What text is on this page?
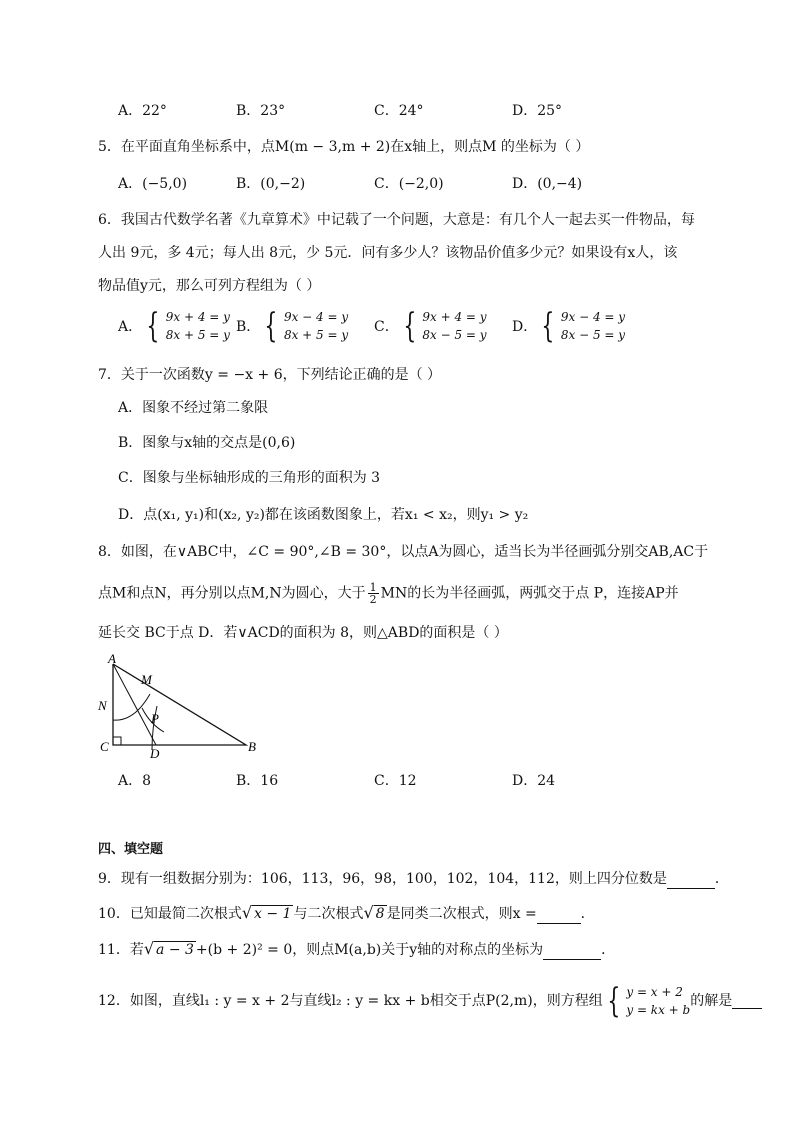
A．22°	B．23°	C．24°	D．25°
5．在平面直角坐标系中，点M(m − 3,m + 2)在x轴上，则点M 的坐标为（ ）
A．(−5,0)	B．(0,−2)	C．(−2,0)	D．(0,−4)
6．我国古代数学名著《九章算术》中记载了一个问题，大意是：有几个人一起去买一件物品，每
人出 9元，多 4元；每人出 8元，少 5元．问有多少人？该物品价值多少元？如果设有x人，该
物品值y元，那么可列方程组为（ ）
A． { 9x + 4 = y
8x + 5 = y B． { 9x − 4 = y
8x + 5 = y C． { 9x + 4 = y
8x − 5 = y D． { 9x − 4 = y
8x − 5 = y
7．关于一次函数y = −x + 6，下列结论正确的是（ ）
A．图象不经过第二象限
B．图象与x轴的交点是(0,6)
C．图象与坐标轴形成的三角形的面积为 3
D．点(x₁, y₁)和(x₂, y₂)都在该函数图象上，若x₁ < x₂，则y₁ > y₂
8．如图，在∨ABC中，∠C = 90°,∠B = 30°，以点A为圆心，适当长为半径画弧分别交AB,AC于
点M和点N，再分别以点M,N为圆心，大于 $\frac{1}{2}$ MN的长为半径画弧，两弧交于点 P，连接AP并
延长交 BC于点 D．若∨ACD的面积为 8，则△ABD的面积是（ ）
A
M
N
P
C	D	B
A．8	B．16	C．12	D．24
四、填空题
9．现有一组数据分别为：106，113，96，98，100，102，104，112，则上四分位数是	．
10．已知最简二次根式√ x − 1 与二次根式√ 8 是同类二次根式，则x =	．
11．若√ a − 3 +(b + 2)² = 0，则点M(a,b)关于y轴的对称点的坐标为	．
12．如图，直线l₁ : y = x + 2与直线l₂ : y = kx + b相交于点P(2,m)，则方程组 { y = x + 2
y = kx + b
的解是
